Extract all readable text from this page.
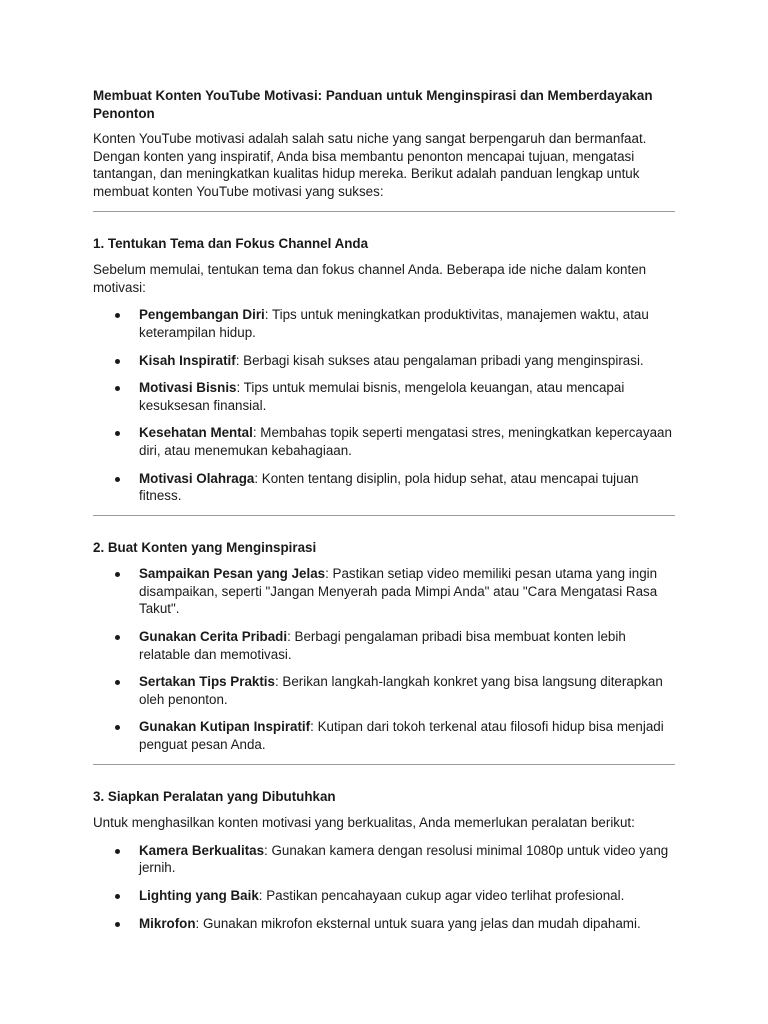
Membuat Konten YouTube Motivasi: Panduan untuk Menginspirasi dan Memberdayakan Penonton

Konten YouTube motivasi adalah salah satu niche yang sangat berpengaruh dan bermanfaat. Dengan konten yang inspiratif, Anda bisa membantu penonton mencapai tujuan, mengatasi tantangan, dan meningkatkan kualitas hidup mereka. Berikut adalah panduan lengkap untuk membuat konten YouTube motivasi yang sukses:

1. Tentukan Tema dan Fokus Channel Anda

Sebelum memulai, tentukan tema dan fokus channel Anda. Beberapa ide niche dalam konten motivasi:

Pengembangan Diri: Tips untuk meningkatkan produktivitas, manajemen waktu, atau keterampilan hidup.
Kisah Inspiratif: Berbagi kisah sukses atau pengalaman pribadi yang menginspirasi.
Motivasi Bisnis: Tips untuk memulai bisnis, mengelola keuangan, atau mencapai kesuksesan finansial.
Kesehatan Mental: Membahas topik seperti mengatasi stres, meningkatkan kepercayaan diri, atau menemukan kebahagiaan.
Motivasi Olahraga: Konten tentang disiplin, pola hidup sehat, atau mencapai tujuan fitness.
2. Buat Konten yang Menginspirasi
Sampaikan Pesan yang Jelas: Pastikan setiap video memiliki pesan utama yang ingin disampaikan, seperti "Jangan Menyerah pada Mimpi Anda" atau "Cara Mengatasi Rasa Takut".
Gunakan Cerita Pribadi: Berbagi pengalaman pribadi bisa membuat konten lebih relatable dan memotivasi.
Sertakan Tips Praktis: Berikan langkah-langkah konkret yang bisa langsung diterapkan oleh penonton.
Gunakan Kutipan Inspiratif: Kutipan dari tokoh terkenal atau filosofi hidup bisa menjadi penguat pesan Anda.
3. Siapkan Peralatan yang Dibutuhkan

Untuk menghasilkan konten motivasi yang berkualitas, Anda memerlukan peralatan berikut:

Kamera Berkualitas: Gunakan kamera dengan resolusi minimal 1080p untuk video yang jernih.
Lighting yang Baik: Pastikan pencahayaan cukup agar video terlihat profesional.
Mikrofon: Gunakan mikrofon eksternal untuk suara yang jelas dan mudah dipahami.
